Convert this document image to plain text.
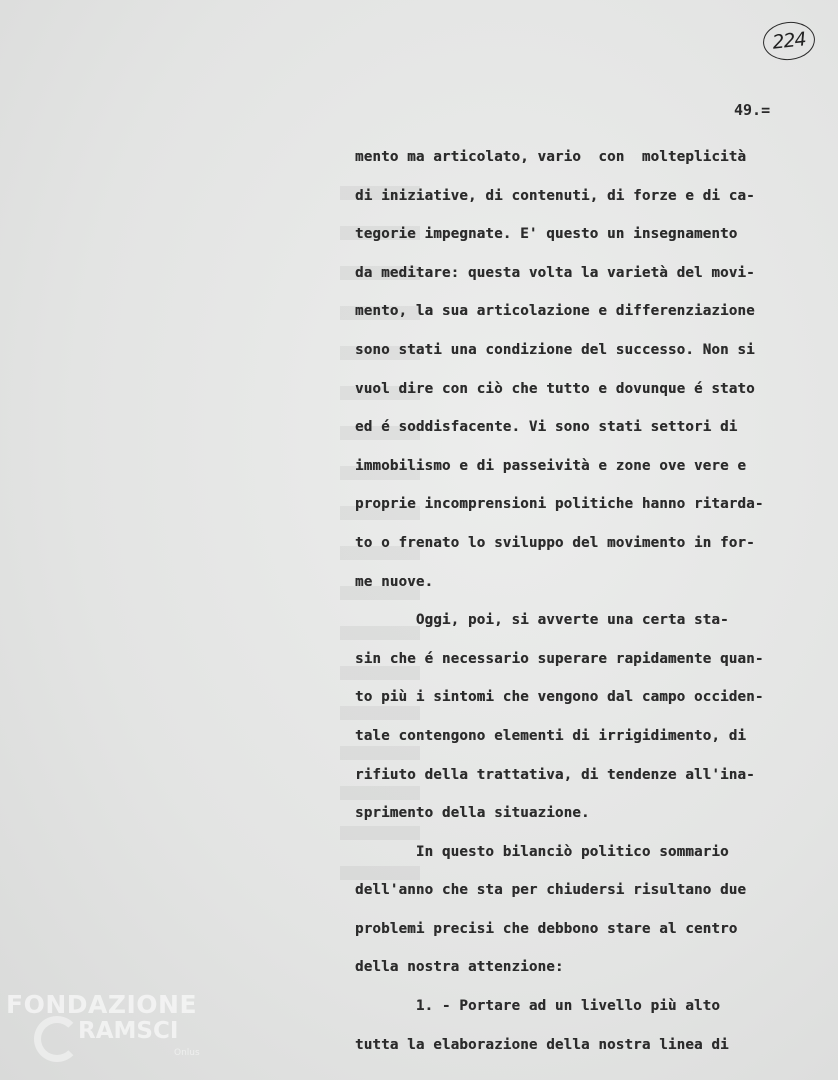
224
49.=
mento ma articolato, vario  con  molteplicità
di iniziative, di contenuti, di forze e di ca-
tegorie impegnate. E' questo un insegnamento
da meditare: questa volta la varietà del movi-
mento, la sua articolazione e differenziazione
sono stati una condizione del successo. Non si
vuol dire con ciò che tutto e dovunque é stato
ed é soddisfacente. Vi sono stati settori di
immobilismo e di passeività e zone ove vere e
proprie incomprensioni politiche hanno ritarda-
to o frenato lo sviluppo del movimento in for-
me nuove.
Oggi, poi, si avverte una certa sta-
sin che é necessario superare rapidamente quan-
to più i sintomi che vengono dal campo occiden-
tale contengono elementi di irrigidimento, di
rifiuto della trattativa, di tendenze all'ina-
sprimento della situazione.
In questo bilanciò politico sommario
dell'anno che sta per chiudersi risultano due
problemi precisi che debbono stare al centro
della nostra attenzione:
1. - Portare ad un livello più alto
tutta la elaborazione della nostra linea di
FONDAZIONE
RAMSCI
Onlus
